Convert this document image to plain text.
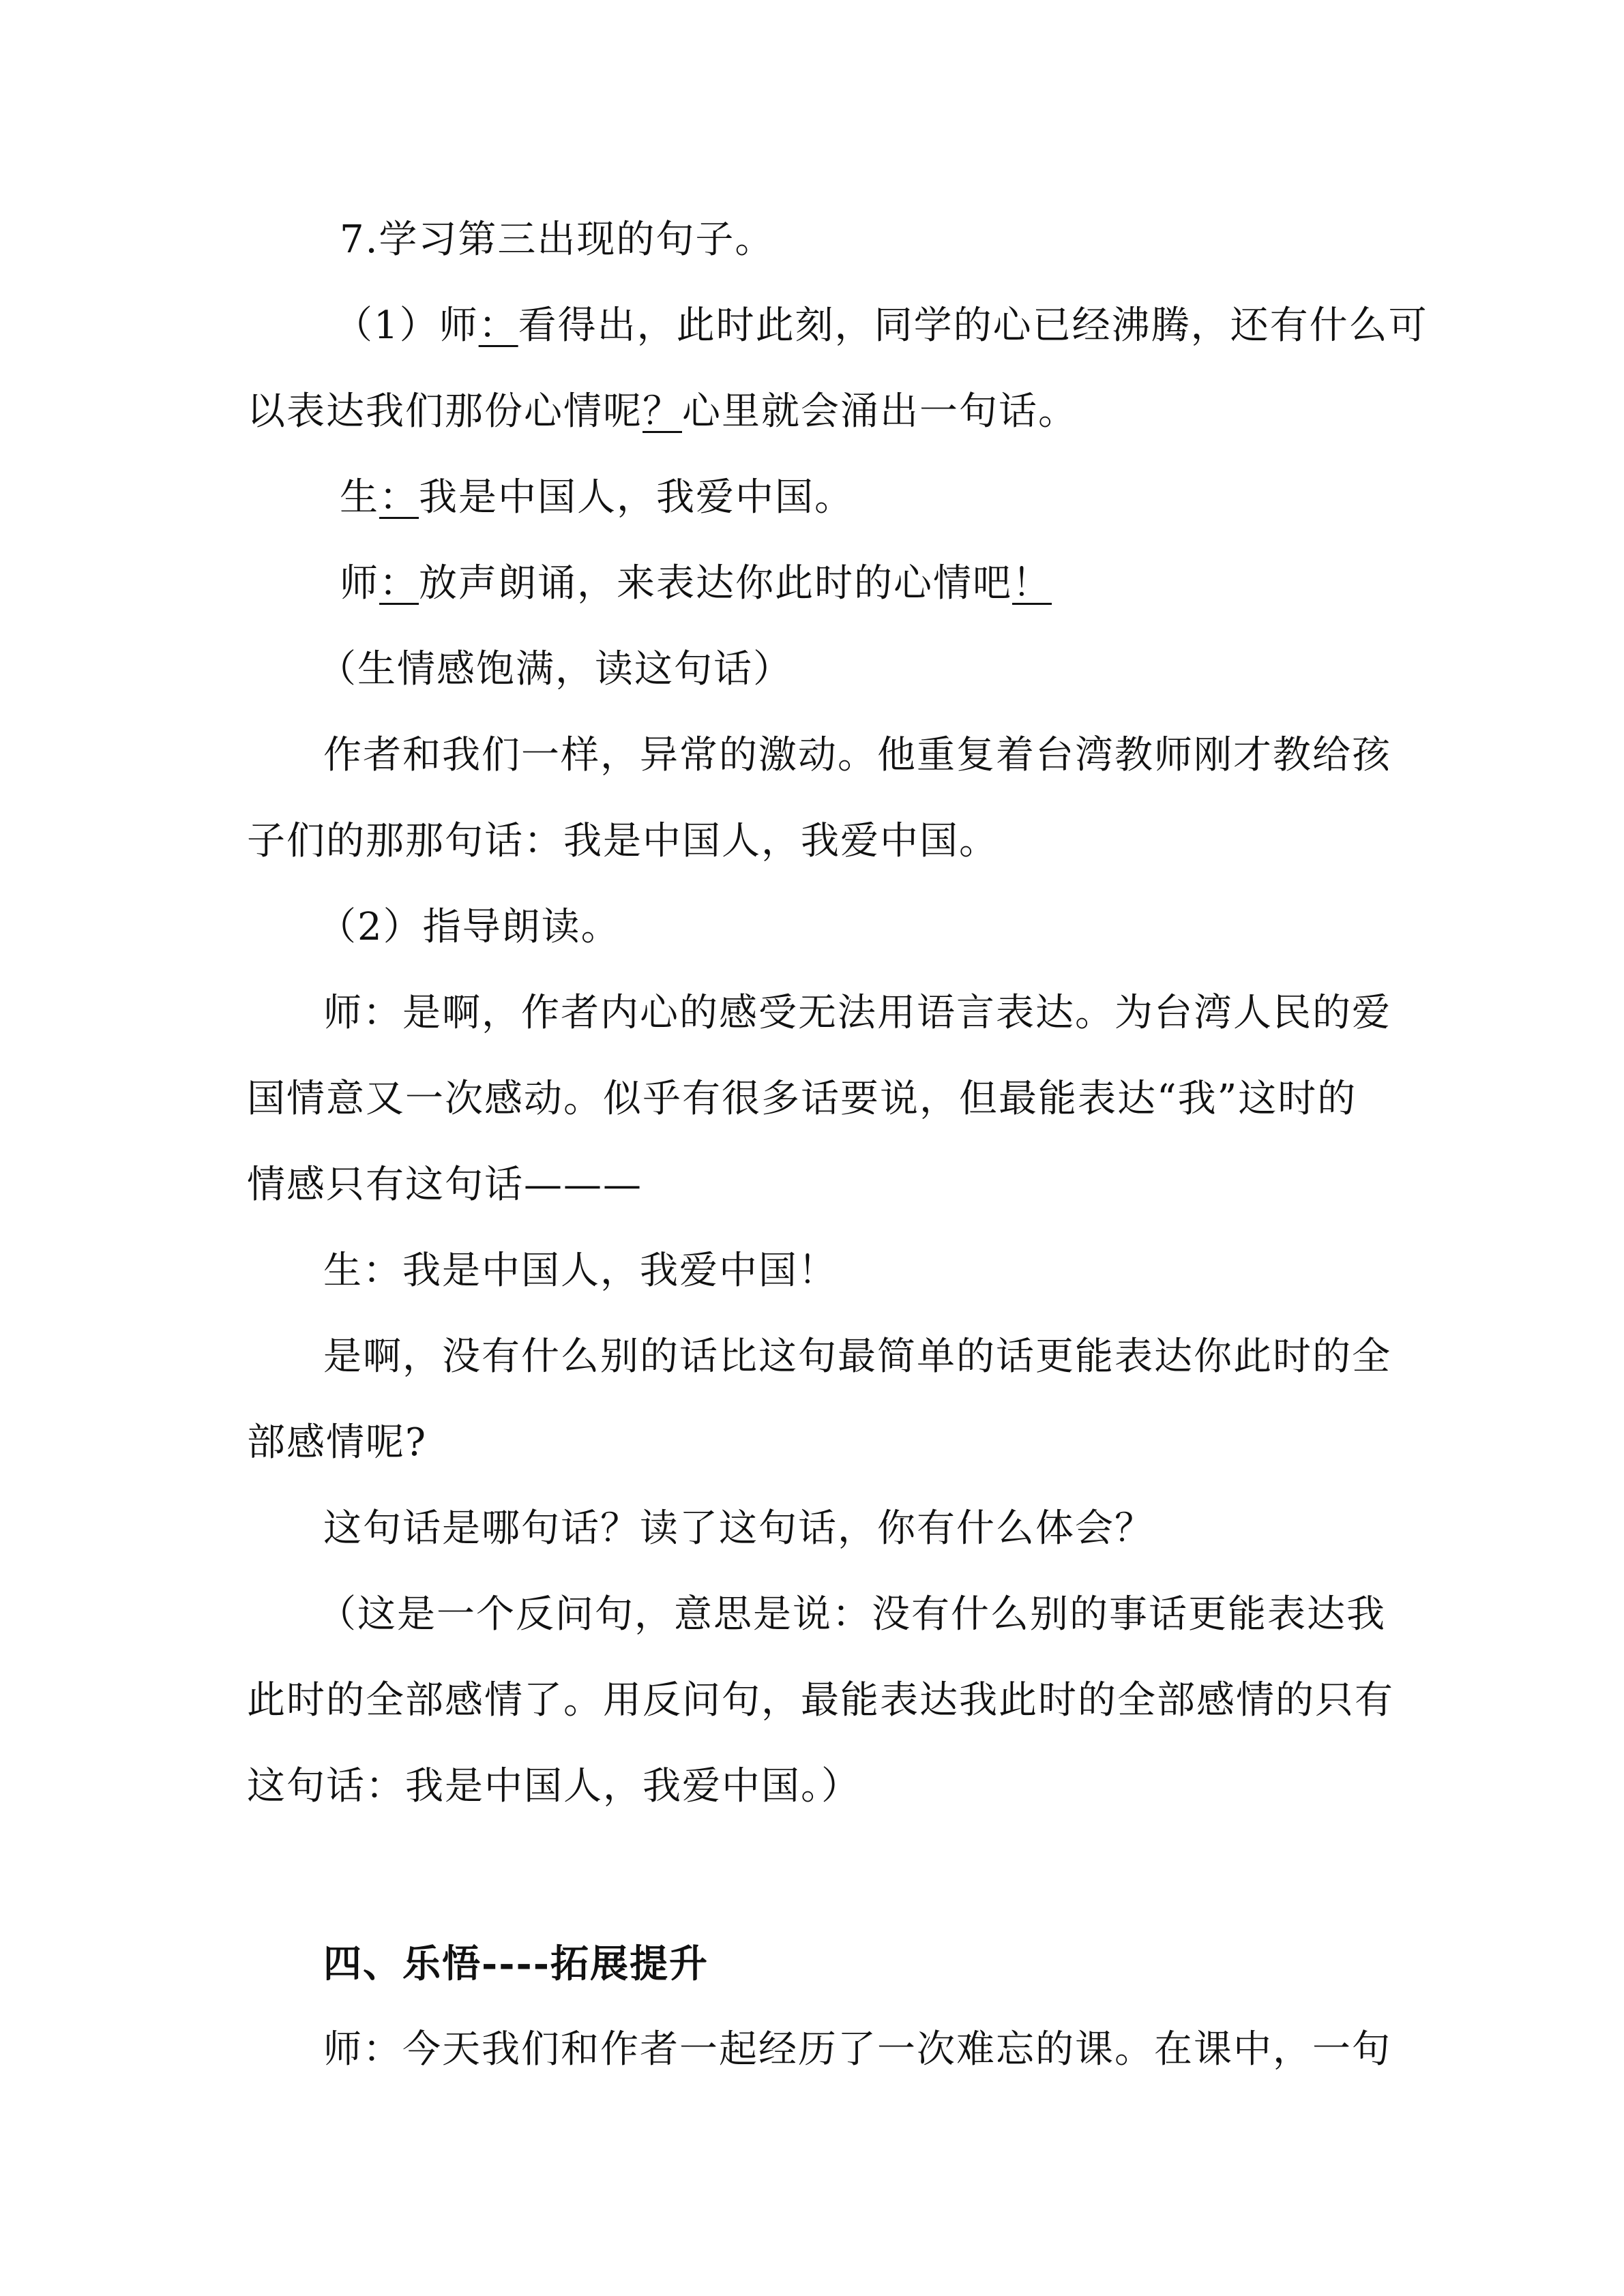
7.学习第三出现的句子。
（1）师：看得出，此时此刻，同学的心已经沸腾，还有什么可
以表达我们那份心情呢？心里就会涌出一句话。
生：我是中国人，我爱中国。
师：放声朗诵，来表达你此时的心情吧！
（生情感饱满，读这句话）
作者和我们一样，异常的激动。他重复着台湾教师刚才教给孩
子们的那那句话：我是中国人，我爱中国。
（2）指导朗读。
师：是啊，作者内心的感受无法用语言表达。为台湾人民的爱
国情意又一次感动。似乎有很多话要说，但最能表达“我”这时的
情感只有这句话———
生：我是中国人，我爱中国！
是啊，没有什么别的话比这句最简单的话更能表达你此时的全
部感情呢?
这句话是哪句话？读了这句话，你有什么体会？
（这是一个反问句，意思是说：没有什么别的事话更能表达我
此时的全部感情了。用反问句，最能表达我此时的全部感情的只有
这句话：我是中国人，我爱中国。）
四、乐悟----拓展提升
师：今天我们和作者一起经历了一次难忘的课。在课中，一句
